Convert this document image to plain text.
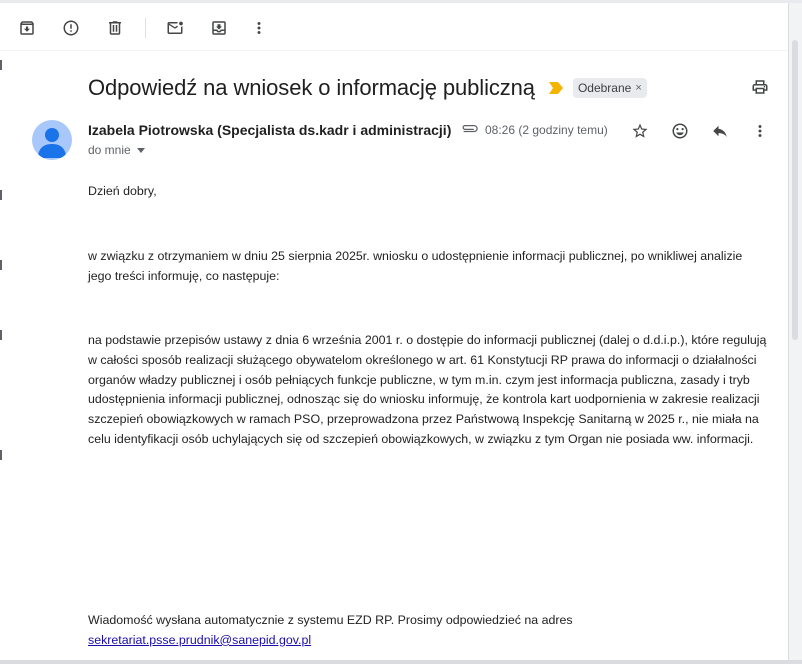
Odpowiedź na wniosek o informację publiczną	Odebrane ×
Izabela Piotrowska (Specjalista ds.kadr i administracji)	08:26 (2 godziny temu)
do mnie

Dzień dobry,

w związku z otrzymaniem w dniu 25 sierpnia 2025r. wniosku o udostępnienie informacji publicznej, po wnikliwej analizie jego treści informuję, co następuje:

na podstawie przepisów ustawy z dnia 6 września 2001 r. o dostępie do informacji publicznej (dalej o d.d.i.p.), które regulują w całości sposób realizacji służącego obywatelom określonego w art. 61 Konstytucji RP prawa do informacji o działalności organów władzy publicznej i osób pełniących funkcje publiczne, w tym m.in. czym jest informacja publiczna, zasady i tryb udostępnienia informacji publicznej, odnosząc się do wniosku informuję, że kontrola kart uodpornienia w zakresie realizacji szczepień obowiązkowych w ramach PSO, przeprowadzona przez Państwową Inspekcję Sanitarną w 2025 r., nie miała na celu identyfikacji osób uchylających się od szczepień obowiązkowych, w związku z tym Organ nie posiada ww. informacji.

Wiadomość wysłana automatycznie z systemu EZD RP. Prosimy odpowiedzieć na adres sekretariat.psse.prudnik@sanepid.gov.pl
